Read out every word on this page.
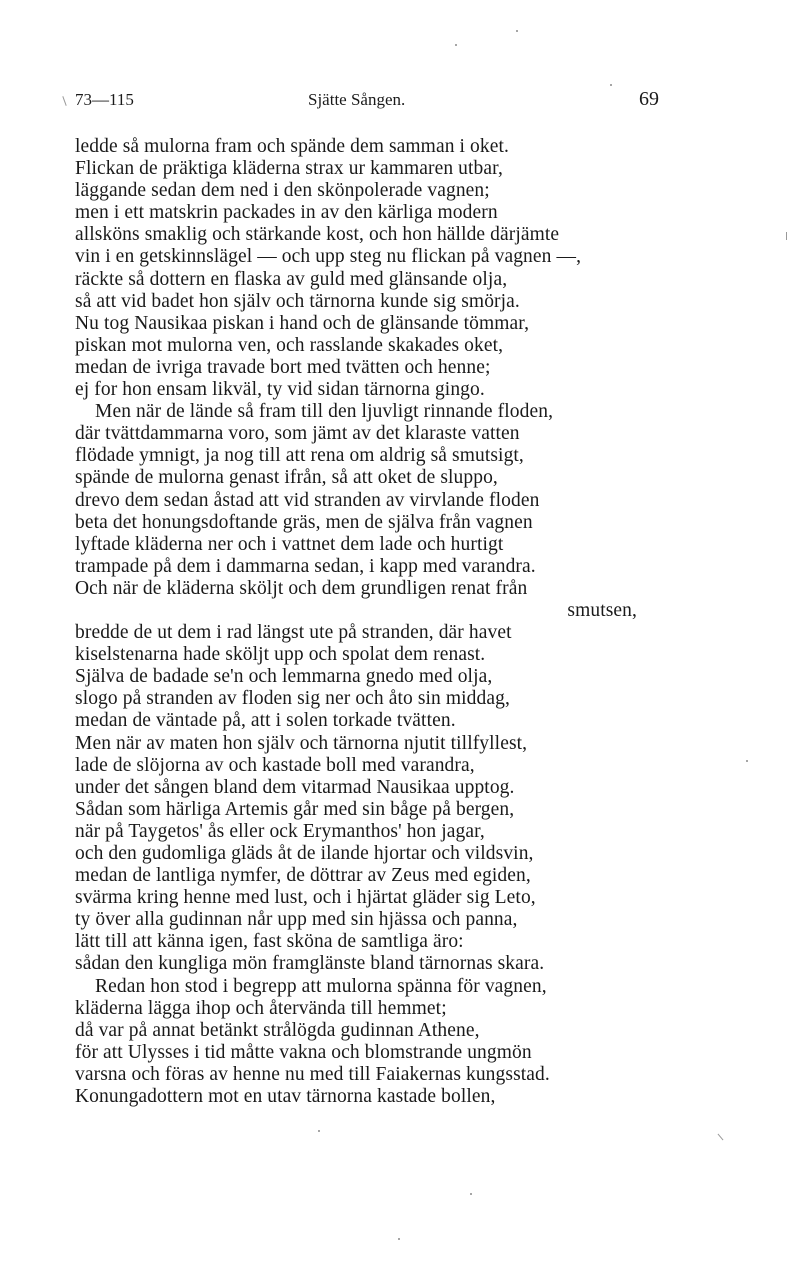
73—115	Sjätte Sången.	69
ledde så mulorna fram och spände dem samman i oket.
Flickan de präktiga kläderna strax ur kammaren utbar,
läggande sedan dem ned i den skönpolerade vagnen;
men i ett matskrin packades in av den kärliga modern
allsköns smaklig och stärkande kost, och hon hällde därjämte
vin i en getskinnslägel — och upp steg nu flickan på vagnen —,
räckte så dottern en flaska av guld med glänsande olja,
så att vid badet hon själv och tärnorna kunde sig smörja.
Nu tog Nausikaa piskan i hand och de glänsande tömmar,
piskan mot mulorna ven, och rasslande skakades oket,
medan de ivriga travade bort med tvätten och henne;
ej for hon ensam likväl, ty vid sidan tärnorna gingo.
Men när de lände så fram till den ljuvligt rinnande floden,
där tvättdammarna voro, som jämt av det klaraste vatten
flödade ymnigt, ja nog till att rena om aldrig så smutsigt,
spände de mulorna genast ifrån, så att oket de sluppo,
drevo dem sedan åstad att vid stranden av virvlande floden
beta det honungsdoftande gräs, men de själva från vagnen
lyftade kläderna ner och i vattnet dem lade och hurtigt
trampade på dem i dammarna sedan, i kapp med varandra.
Och när de kläderna sköljt och dem grundligen renat från
smutsen,
bredde de ut dem i rad längst ute på stranden, där havet
kiselstenarna hade sköljt upp och spolat dem renast.
Själva de badade se'n och lemmarna gnedo med olja,
slogo på stranden av floden sig ner och åto sin middag,
medan de väntade på, att i solen torkade tvätten.
Men när av maten hon själv och tärnorna njutit tillfyllest,
lade de slöjorna av och kastade boll med varandra,
under det sången bland dem vitarmad Nausikaa upptog.
Sådan som härliga Artemis går med sin båge på bergen,
när på Taygetos' ås eller ock Erymanthos' hon jagar,
och den gudomliga gläds åt de ilande hjortar och vildsvin,
medan de lantliga nymfer, de döttrar av Zeus med egiden,
svärma kring henne med lust, och i hjärtat gläder sig Leto,
ty över alla gudinnan når upp med sin hjässa och panna,
lätt till att känna igen, fast sköna de samtliga äro:
sådan den kungliga mön framglänste bland tärnornas skara.
Redan hon stod i begrepp att mulorna spänna för vagnen,
kläderna lägga ihop och återvända till hemmet;
då var på annat betänkt strålögda gudinnan Athene,
för att Ulysses i tid måtte vakna och blomstrande ungmön
varsna och föras av henne nu med till Faiakernas kungsstad.
Konungadottern mot en utav tärnorna kastade bollen,
